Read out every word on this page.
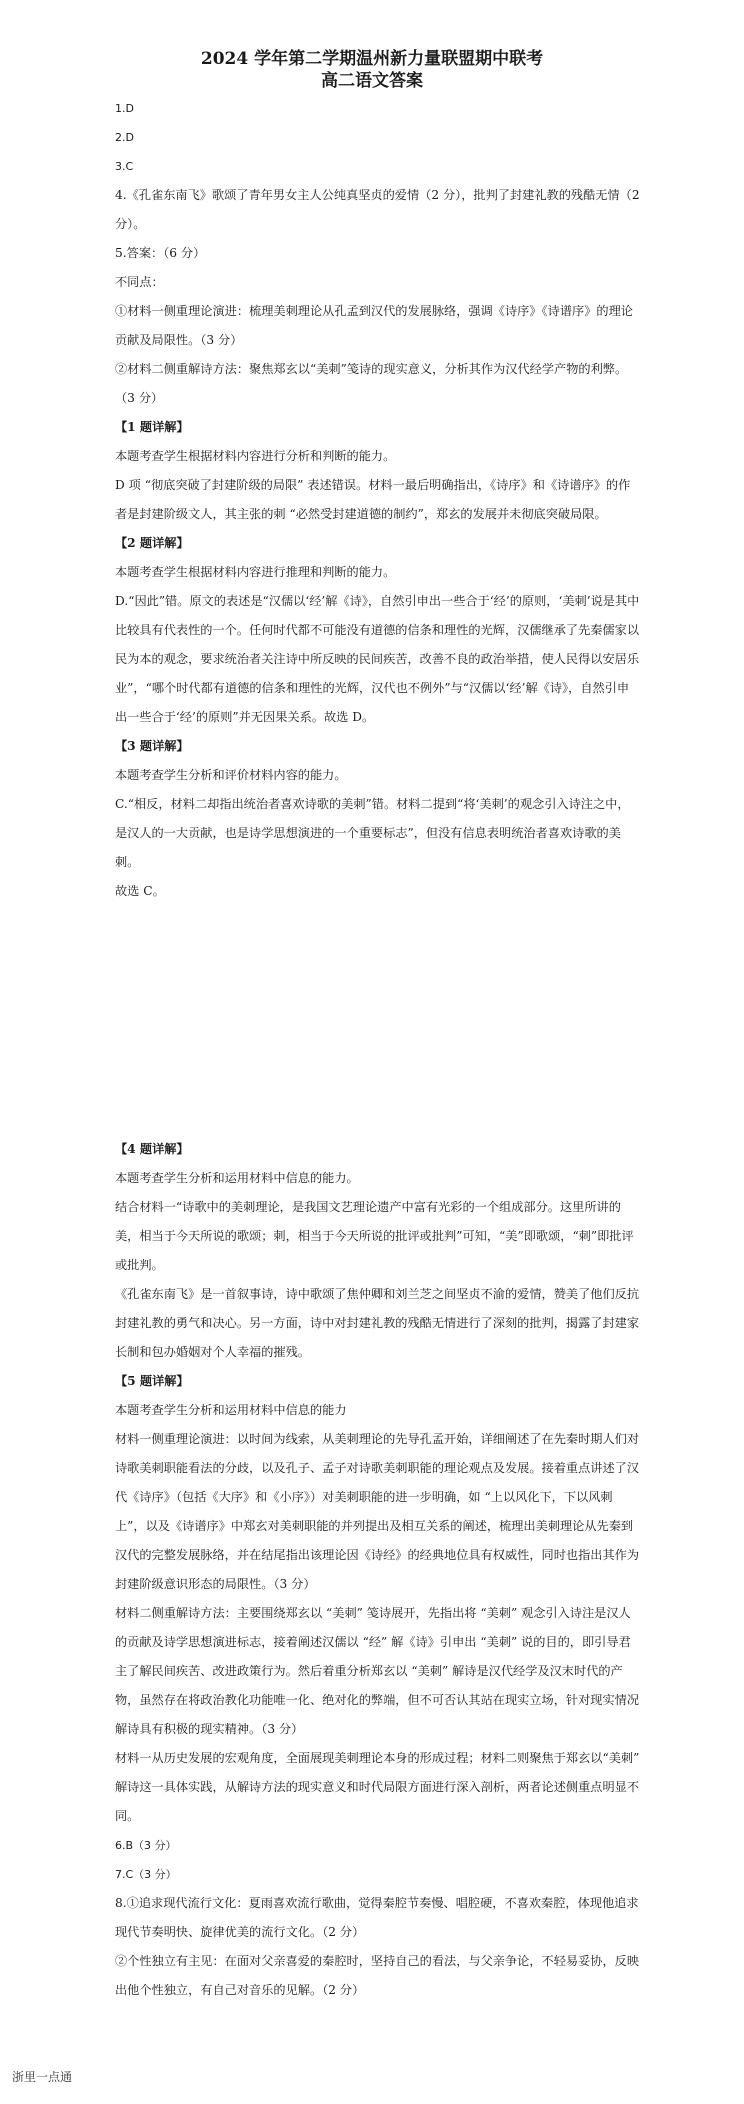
2024 学年第二学期温州新力量联盟期中联考

高二语文答案

1.D

2.D

3.C

4.《孔雀东南飞》歌颂了青年男女主人公纯真坚贞的爱情（2 分），批判了封建礼教的残酷无情（2 分）。

5.答案：（6 分）

不同点：

①材料一侧重理论演进：梳理美刺理论从孔孟到汉代的发展脉络，强调《诗序》《诗谱序》的理论贡献及局限性。（3 分）

②材料二侧重解诗方法：聚焦郑玄以“美刺”笺诗的现实意义，分析其作为汉代经学产物的利弊。（3 分）

【1 题详解】

本题考查学生根据材料内容进行分析和判断的能力。

D 项 “彻底突破了封建阶级的局限” 表述错误。材料一最后明确指出，《诗序》和《诗谱序》的作者是封建阶级文人，其主张的刺 “必然受封建道德的制约”，郑玄的发展并未彻底突破局限。

【2 题详解】

本题考查学生根据材料内容进行推理和判断的能力。

D.“因此”错。原文的表述是“汉儒以‘经’解《诗》，自然引申出一些合于‘经’的原则，‘美刺’说是其中比较具有代表性的一个。任何时代都不可能没有道德的信条和理性的光辉，汉儒继承了先秦儒家以民为本的观念，要求统治者关注诗中所反映的民间疾苦，改善不良的政治举措，使人民得以安居乐业”，“哪个时代都有道德的信条和理性的光辉，汉代也不例外”与“汉儒以‘经’解《诗》，自然引申出一些合于‘经’的原则”并无因果关系。故选 D。

【3 题详解】

本题考查学生分析和评价材料内容的能力。

C.“相反，材料二却指出统治者喜欢诗歌的美刺”错。材料二提到“将‘美刺’的观念引入诗注之中，是汉人的一大贡献，也是诗学思想演进的一个重要标志”，但没有信息表明统治者喜欢诗歌的美刺。

故选 C。

【4 题详解】

本题考查学生分析和运用材料中信息的能力。

结合材料一“诗歌中的美刺理论，是我国文艺理论遗产中富有光彩的一个组成部分。这里所讲的美，相当于今天所说的歌颂；刺，相当于今天所说的批评或批判”可知，“美”即歌颂，“刺”即批评或批判。

《孔雀东南飞》是一首叙事诗，诗中歌颂了焦仲卿和刘兰芝之间坚贞不渝的爱情，赞美了他们反抗封建礼教的勇气和决心。另一方面，诗中对封建礼教的残酷无情进行了深刻的批判，揭露了封建家长制和包办婚姻对个人幸福的摧残。

【5 题详解】

本题考查学生分析和运用材料中信息的能力

材料一侧重理论演进：以时间为线索，从美刺理论的先导孔孟开始，详细阐述了在先秦时期人们对诗歌美刺职能看法的分歧，以及孔子、孟子对诗歌美刺职能的理论观点及发展。接着重点讲述了汉代《诗序》（包括《大序》和《小序》）对美刺职能的进一步明确，如 “上以风化下，下以风刺上”，以及《诗谱序》中郑玄对美刺职能的并列提出及相互关系的阐述，梳理出美刺理论从先秦到汉代的完整发展脉络，并在结尾指出该理论因《诗经》的经典地位具有权威性，同时也指出其作为封建阶级意识形态的局限性。（3 分）

材料二侧重解诗方法：主要围绕郑玄以 “美刺” 笺诗展开，先指出将 “美刺” 观念引入诗注是汉人的贡献及诗学思想演进标志，接着阐述汉儒以 “经” 解《诗》引申出 “美刺” 说的目的，即引导君主了解民间疾苦、改进政策行为。然后着重分析郑玄以 “美刺” 解诗是汉代经学及汉末时代的产物，虽然存在将政治教化功能唯一化、绝对化的弊端，但不可否认其站在现实立场，针对现实情况解诗具有积极的现实精神。（3 分）

材料一从历史发展的宏观角度，全面展现美刺理论本身的形成过程；材料二则聚焦于郑玄以“美刺” 解诗这一具体实践，从解诗方法的现实意义和时代局限方面进行深入剖析，两者论述侧重点明显不同。

6.B（3 分）

7.C（3 分）

8.①追求现代流行文化：夏雨喜欢流行歌曲，觉得秦腔节奏慢、唱腔硬，不喜欢秦腔，体现他追求现代节奏明快、旋律优美的流行文化。（2 分）

②个性独立有主见：在面对父亲喜爱的秦腔时，坚持自己的看法，与父亲争论，不轻易妥协，反映出他个性独立，有自己对音乐的见解。（2 分）

浙里一点通
